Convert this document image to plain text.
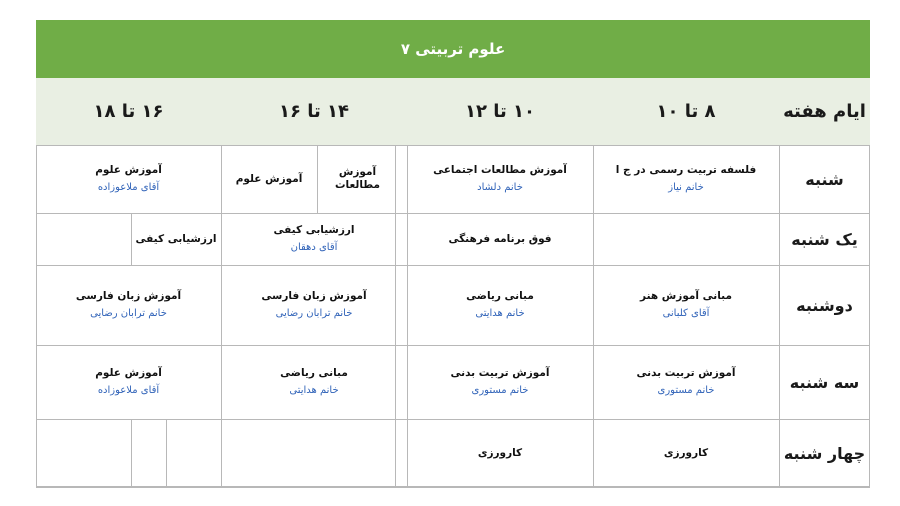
علوم تربیتی ۷
ایام هفته
۸ تا ۱۰
۱۰ تا ۱۲
۱۴ تا ۱۶
۱۶ تا ۱۸
شنبه
فلسفه تربیت رسمی در ج ا
خانم نیاز
آموزش مطالعات اجتماعی
خانم دلشاد
آموزش مطالعات
آموزش علوم
آموزش علوم
آقای ملاعوزاده
یک شنبه
فوق برنامه فرهنگی
ارزشیابی کیفی
آقای دهقان
ارزشیابی کیفی
دوشنبه
مبانی آموزش هنر
آقای کلبانی
مبانی ریاضی
خانم هدایتی
آموزش زبان فارسی
خانم ترابان رضایی
آموزش زبان فارسی
خانم ترابان رضایی
سه شنبه
آموزش تربیت بدنی
خانم مستوری
آموزش تربیت بدنی
خانم مستوری
مبانی ریاضی
خانم هدایتی
آموزش علوم
آقای ملاعوزاده
چهار شنبه
کارورزی
کارورزی
